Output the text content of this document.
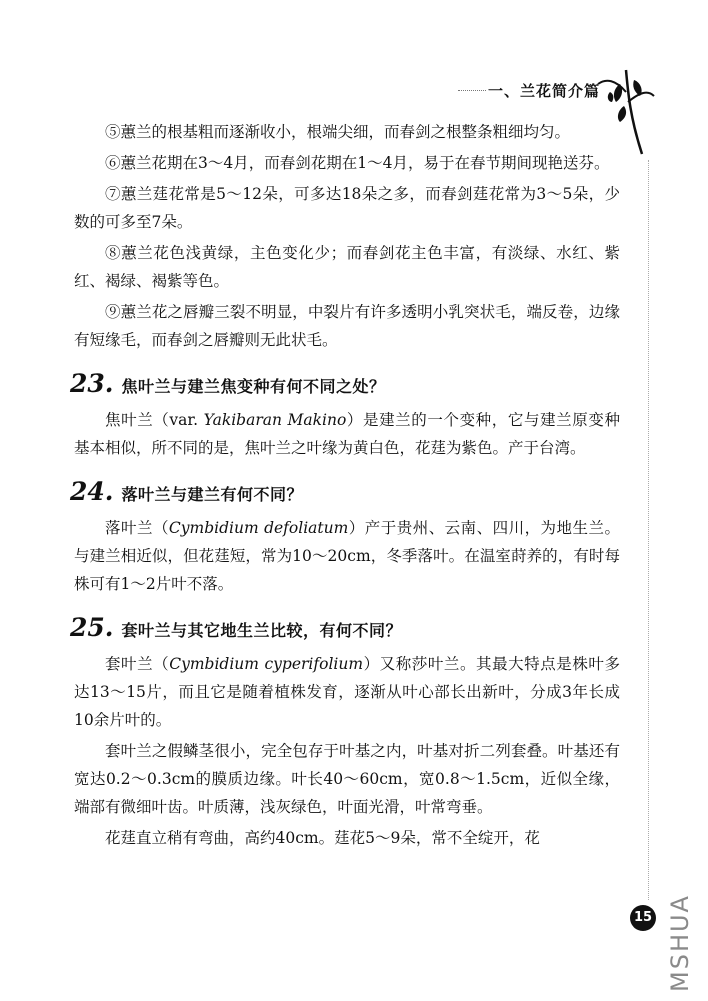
一、兰花简介篇

⑤蕙兰的根基粗而逐渐收小，根端尖细，而春剑之根整条粗细均匀。

⑥蕙兰花期在3～4月，而春剑花期在1～4月，易于在春节期间现艳送芬。

⑦蕙兰莛花常是5～12朵，可多达18朵之多，而春剑莛花常为3～5朵，少数的可多至7朵。

⑧蕙兰花色浅黄绿，主色变化少；而春剑花主色丰富，有淡绿、水红、紫红、褐绿、褐紫等色。

⑨蕙兰花之唇瓣三裂不明显，中裂片有许多透明小乳突状毛，端反卷，边缘有短缘毛，而春剑之唇瓣则无此状毛。

23. 焦叶兰与建兰焦变种有何不同之处？

焦叶兰（var. Yakibaran Makino）是建兰的一个变种，它与建兰原变种基本相似，所不同的是，焦叶兰之叶缘为黄白色，花莛为紫色。产于台湾。

24. 落叶兰与建兰有何不同？

落叶兰（Cymbidium defoliatum）产于贵州、云南、四川，为地生兰。与建兰相近似，但花莛短，常为10～20cm，冬季落叶。在温室莳养的，有时每株可有1～2片叶不落。

25. 套叶兰与其它地生兰比较，有何不同？

套叶兰（Cymbidium cyperifolium）又称莎叶兰。其最大特点是株叶多达13～15片，而且它是随着植株发育，逐渐从叶心部长出新叶，分成3年长成10余片叶的。

套叶兰之假鳞茎很小，完全包存于叶基之内，叶基对折二列套叠。叶基还有宽达0.2～0.3cm的膜质边缘。叶长40～60cm，宽0.8～1.5cm，近似全缘，端部有微细叶齿。叶质薄，浅灰绿色，叶面光滑，叶常弯垂。

花莛直立稍有弯曲，高约40cm。莛花5～9朵，常不全绽开，花

15 MSHUA
